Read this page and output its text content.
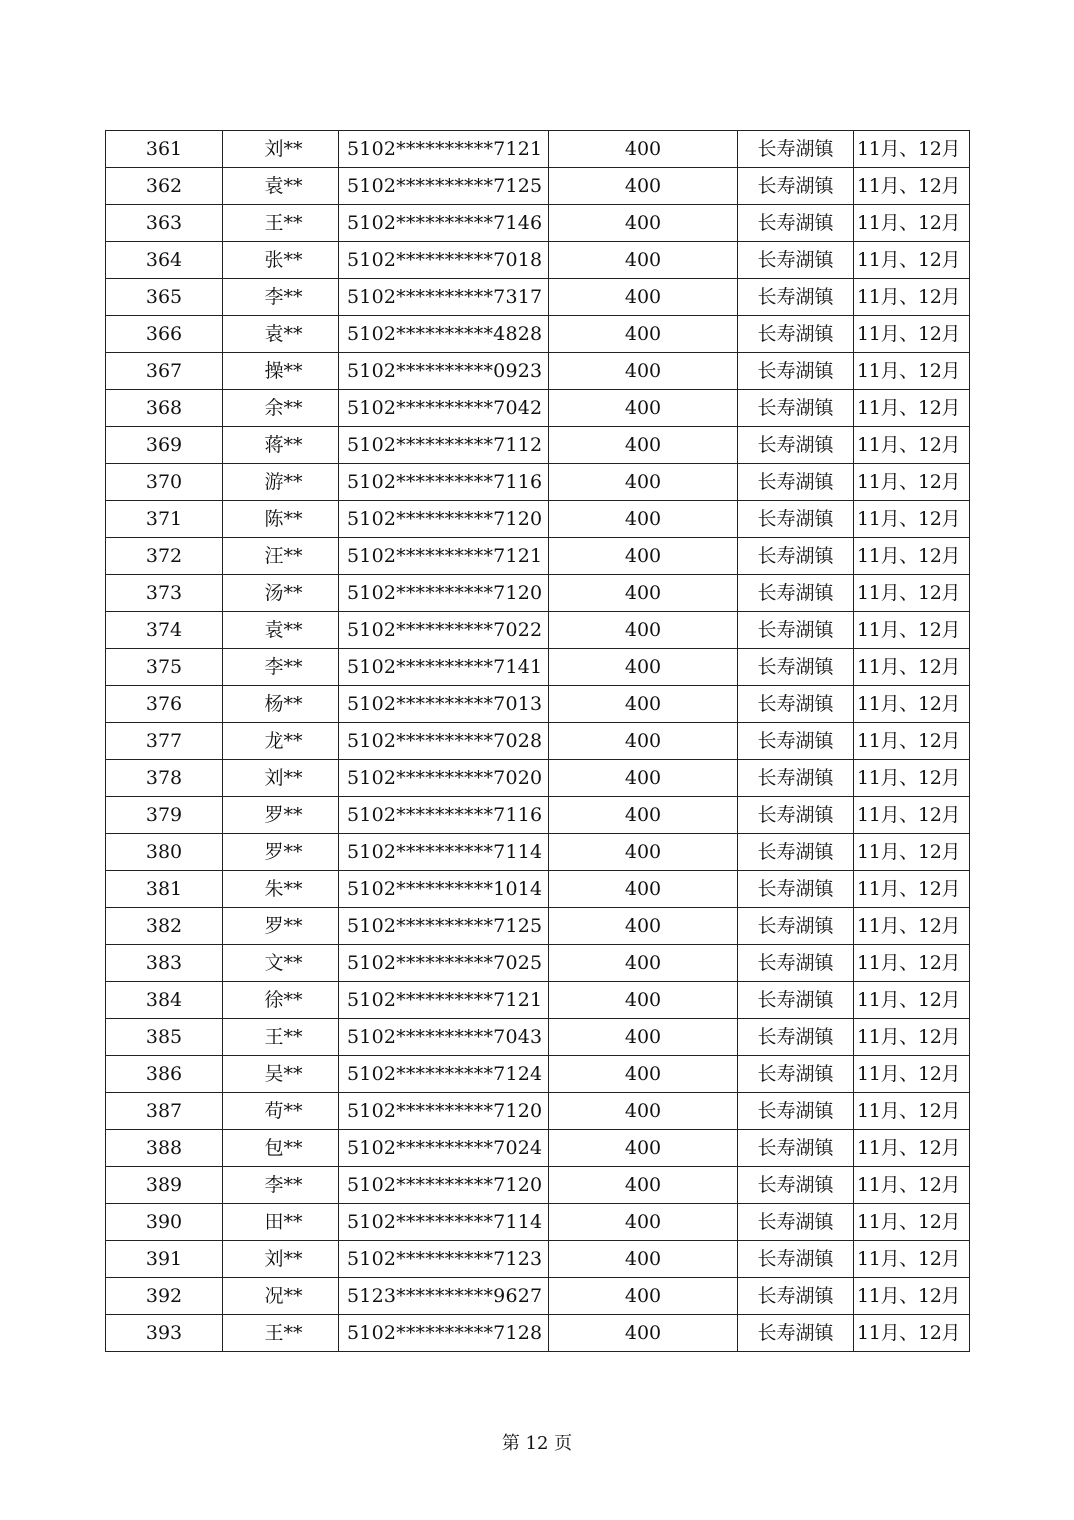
361	刘**	5102**********7121	400	长寿湖镇	11月、12月
362	袁**	5102**********7125	400	长寿湖镇	11月、12月
363	王**	5102**********7146	400	长寿湖镇	11月、12月
364	张**	5102**********7018	400	长寿湖镇	11月、12月
365	李**	5102**********7317	400	长寿湖镇	11月、12月
366	袁**	5102**********4828	400	长寿湖镇	11月、12月
367	操**	5102**********0923	400	长寿湖镇	11月、12月
368	余**	5102**********7042	400	长寿湖镇	11月、12月
369	蒋**	5102**********7112	400	长寿湖镇	11月、12月
370	游**	5102**********7116	400	长寿湖镇	11月、12月
371	陈**	5102**********7120	400	长寿湖镇	11月、12月
372	汪**	5102**********7121	400	长寿湖镇	11月、12月
373	汤**	5102**********7120	400	长寿湖镇	11月、12月
374	袁**	5102**********7022	400	长寿湖镇	11月、12月
375	李**	5102**********7141	400	长寿湖镇	11月、12月
376	杨**	5102**********7013	400	长寿湖镇	11月、12月
377	龙**	5102**********7028	400	长寿湖镇	11月、12月
378	刘**	5102**********7020	400	长寿湖镇	11月、12月
379	罗**	5102**********7116	400	长寿湖镇	11月、12月
380	罗**	5102**********7114	400	长寿湖镇	11月、12月
381	朱**	5102**********1014	400	长寿湖镇	11月、12月
382	罗**	5102**********7125	400	长寿湖镇	11月、12月
383	文**	5102**********7025	400	长寿湖镇	11月、12月
384	徐**	5102**********7121	400	长寿湖镇	11月、12月
385	王**	5102**********7043	400	长寿湖镇	11月、12月
386	吴**	5102**********7124	400	长寿湖镇	11月、12月
387	苟**	5102**********7120	400	长寿湖镇	11月、12月
388	包**	5102**********7024	400	长寿湖镇	11月、12月
389	李**	5102**********7120	400	长寿湖镇	11月、12月
390	田**	5102**********7114	400	长寿湖镇	11月、12月
391	刘**	5102**********7123	400	长寿湖镇	11月、12月
392	况**	5123**********9627	400	长寿湖镇	11月、12月
393	王**	5102**********7128	400	长寿湖镇	11月、12月
第 12 页
